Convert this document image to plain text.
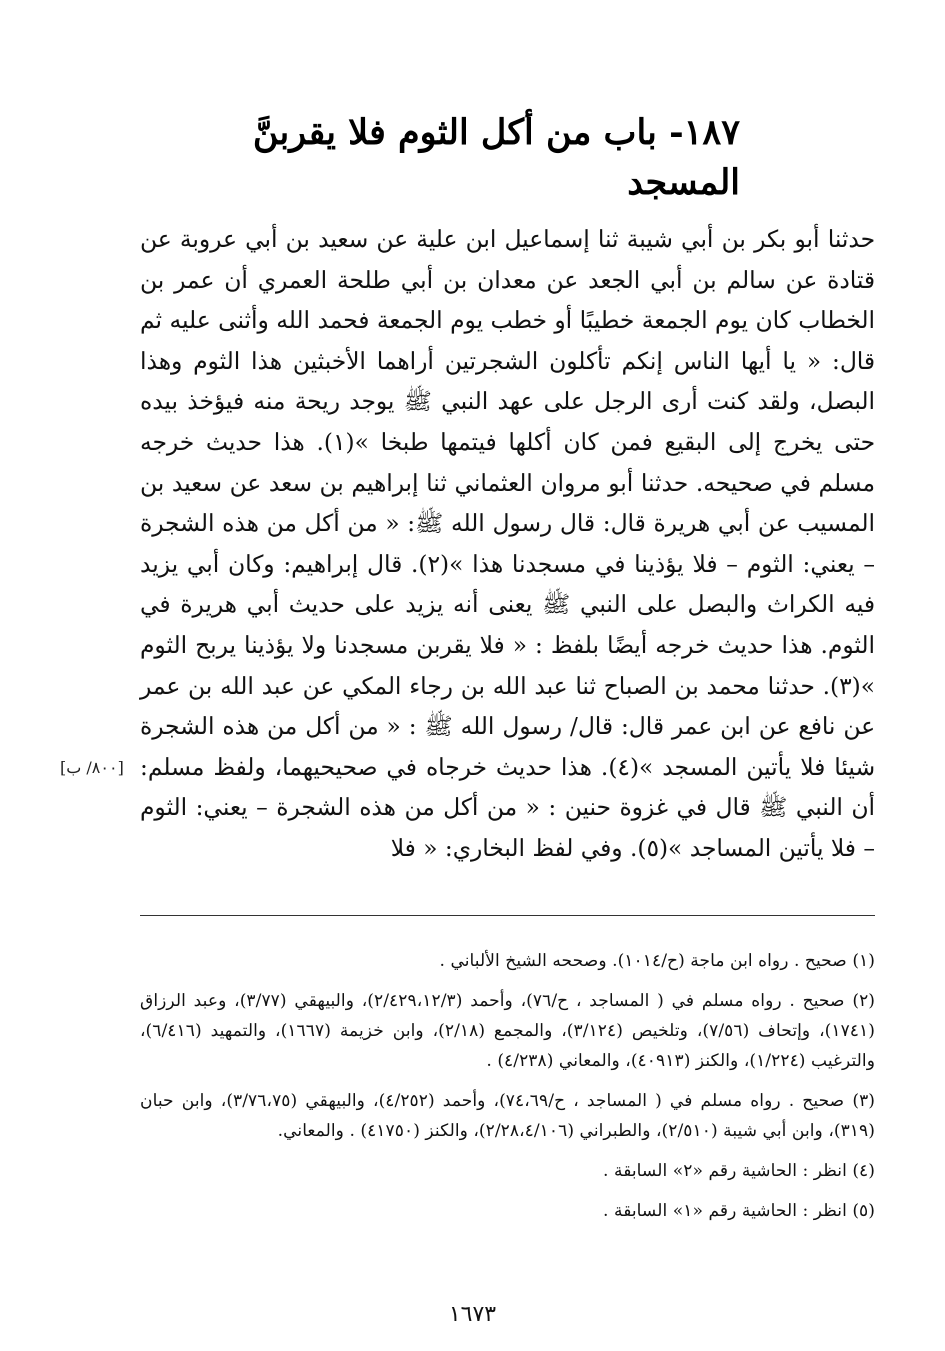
١٨٧- باب من أكل الثوم فلا يقربنَّ المسجد

حدثنا أبو بكر بن أبي شيبة ثنا إسماعيل ابن علية عن سعيد بن أبي عروبة عن قتادة عن سالم بن أبي الجعد عن معدان بن أبي طلحة العمري أن عمر بن الخطاب كان يوم الجمعة خطيبًا أو خطب يوم الجمعة فحمد الله وأثنى عليه ثم قال: « يا أيها الناس إنكم تأكلون الشجرتين أراهما الأخبثين هذا الثوم وهذا البصل، ولقد كنت أرى الرجل على عهد النبي ﷺ يوجد ريحة منه فيؤخذ بيده حتى يخرج إلى البقيع فمن كان أكلها فيتمها طبخا »(١). هذا حديث خرجه مسلم في صحيحه. حدثنا أبو مروان العثماني ثنا إبراهيم بن سعد عن سعيد بن المسيب عن أبي هريرة قال: قال رسول الله ﷺ: « من أكل من هذه الشجرة – يعني: الثوم – فلا يؤذينا في مسجدنا هذا »(٢). قال إبراهيم: وكان أبي يزيد فيه الكراث والبصل على النبي ﷺ يعنى أنه يزيد على حديث أبي هريرة في الثوم. هذا حديث خرجه أيضًا بلفظ : « فلا يقربن مسجدنا ولا يؤذينا يربح الثوم »(٣). حدثنا محمد بن الصباح ثنا عبد الله بن رجاء المكي عن عبد الله بن عمر عن نافع عن ابن عمر قال: قال/ رسول الله ﷺ : « من أكل من هذه الشجرة شيئا فلا يأتين المسجد »(٤). هذا حديث خرجاه في صحيحيهما، ولفظ مسلم: أن النبي ﷺ قال في غزوة حنين : « من أكل من هذه الشجرة – يعني: الثوم – فلا يأتين المساجد »(٥). وفي لفظ البخاري: « فلا

[٨٠٠/ ب]

(١) صحيح . رواه ابن ماجة (ح/١٠١٤). وصححه الشيخ الألباني .

(٢) صحيح . رواه مسلم في ( المساجد ، ح/٧٦)، وأحمد (٢/٤٢٩،١٢/٣)، والبيهقي (٣/٧٧)، وعبد الرزاق (١٧٤١)، وإتحاف (٧/٥٦)، وتلخيص (٣/١٢٤)، والمجمع (٢/١٨)، وابن خزيمة (١٦٦٧)، والتمهيد (٦/٤١٦)، والترغيب (١/٢٢٤)، والكنز (٤٠٩١٣)، والمعاني (٤/٢٣٨) .

(٣) صحيح . رواه مسلم في ( المساجد ، ح/٧٤،٦٩)، وأحمد (٤/٢٥٢)، والبيهقي (٣/٧٦،٧٥)، وابن حبان (٣١٩)، وابن أبي شيبة (٢/٥١٠)، والطبراني (٢/٢٨،٤/١٠٦)، والكنز (٤١٧٥٠) . والمعاني.

(٤) انظر : الحاشية رقم «٢» السابقة .

(٥) انظر : الحاشية رقم «١» السابقة .

١٦٧٣
